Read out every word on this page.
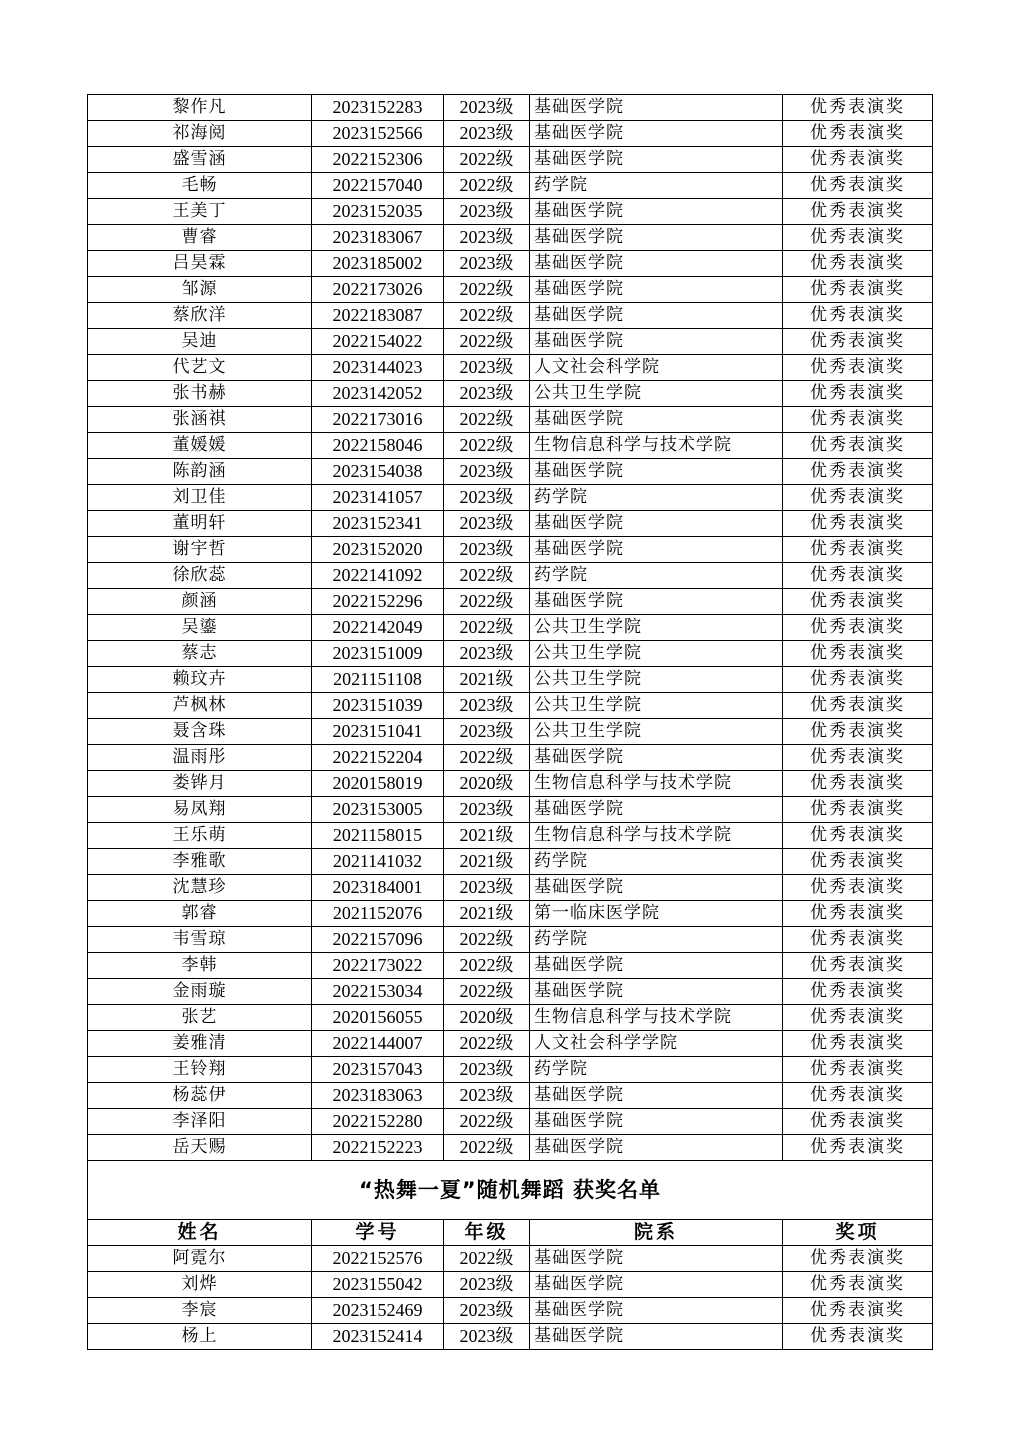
黎作凡	2023152283	2023级	基础医学院	优秀表演奖
祁海阅	2023152566	2023级	基础医学院	优秀表演奖
盛雪涵	2022152306	2022级	基础医学院	优秀表演奖
毛畅	2022157040	2022级	药学院	优秀表演奖
王美丁	2023152035	2023级	基础医学院	优秀表演奖
曹睿	2023183067	2023级	基础医学院	优秀表演奖
吕昊霖	2023185002	2023级	基础医学院	优秀表演奖
邹源	2022173026	2022级	基础医学院	优秀表演奖
蔡欣洋	2022183087	2022级	基础医学院	优秀表演奖
吴迪	2022154022	2022级	基础医学院	优秀表演奖
代艺文	2023144023	2023级	人文社会科学院	优秀表演奖
张书赫	2023142052	2023级	公共卫生学院	优秀表演奖
张涵祺	2022173016	2022级	基础医学院	优秀表演奖
董媛媛	2022158046	2022级	生物信息科学与技术学院	优秀表演奖
陈韵涵	2023154038	2023级	基础医学院	优秀表演奖
刘卫佳	2023141057	2023级	药学院	优秀表演奖
董明轩	2023152341	2023级	基础医学院	优秀表演奖
谢宇哲	2023152020	2023级	基础医学院	优秀表演奖
徐欣蕊	2022141092	2022级	药学院	优秀表演奖
颜涵	2022152296	2022级	基础医学院	优秀表演奖
吴鎏	2022142049	2022级	公共卫生学院	优秀表演奖
蔡志	2023151009	2023级	公共卫生学院	优秀表演奖
赖玟卉	2021151108	2021级	公共卫生学院	优秀表演奖
芦枫林	2023151039	2023级	公共卫生学院	优秀表演奖
聂含珠	2023151041	2023级	公共卫生学院	优秀表演奖
温雨彤	2022152204	2022级	基础医学院	优秀表演奖
娄铧月	2020158019	2020级	生物信息科学与技术学院	优秀表演奖
易凤翔	2023153005	2023级	基础医学院	优秀表演奖
王乐萌	2021158015	2021级	生物信息科学与技术学院	优秀表演奖
李雅歌	2021141032	2021级	药学院	优秀表演奖
沈慧珍	2023184001	2023级	基础医学院	优秀表演奖
郭睿	2021152076	2021级	第一临床医学院	优秀表演奖
韦雪琼	2022157096	2022级	药学院	优秀表演奖
李韩	2022173022	2022级	基础医学院	优秀表演奖
金雨璇	2022153034	2022级	基础医学院	优秀表演奖
张艺	2020156055	2020级	生物信息科学与技术学院	优秀表演奖
姜雅清	2022144007	2022级	人文社会科学学院	优秀表演奖
王铃翔	2023157043	2023级	药学院	优秀表演奖
杨蕊伊	2023183063	2023级	基础医学院	优秀表演奖
李泽阳	2022152280	2022级	基础医学院	优秀表演奖
岳天赐	2022152223	2022级	基础医学院	优秀表演奖
“热舞一夏”随机舞蹈 获奖名单				
姓名	学号	年级	院系	奖项
阿霓尔	2022152576	2022级	基础医学院	优秀表演奖
刘烨	2023155042	2023级	基础医学院	优秀表演奖
李宸	2023152469	2023级	基础医学院	优秀表演奖
杨上	2023152414	2023级	基础医学院	优秀表演奖
